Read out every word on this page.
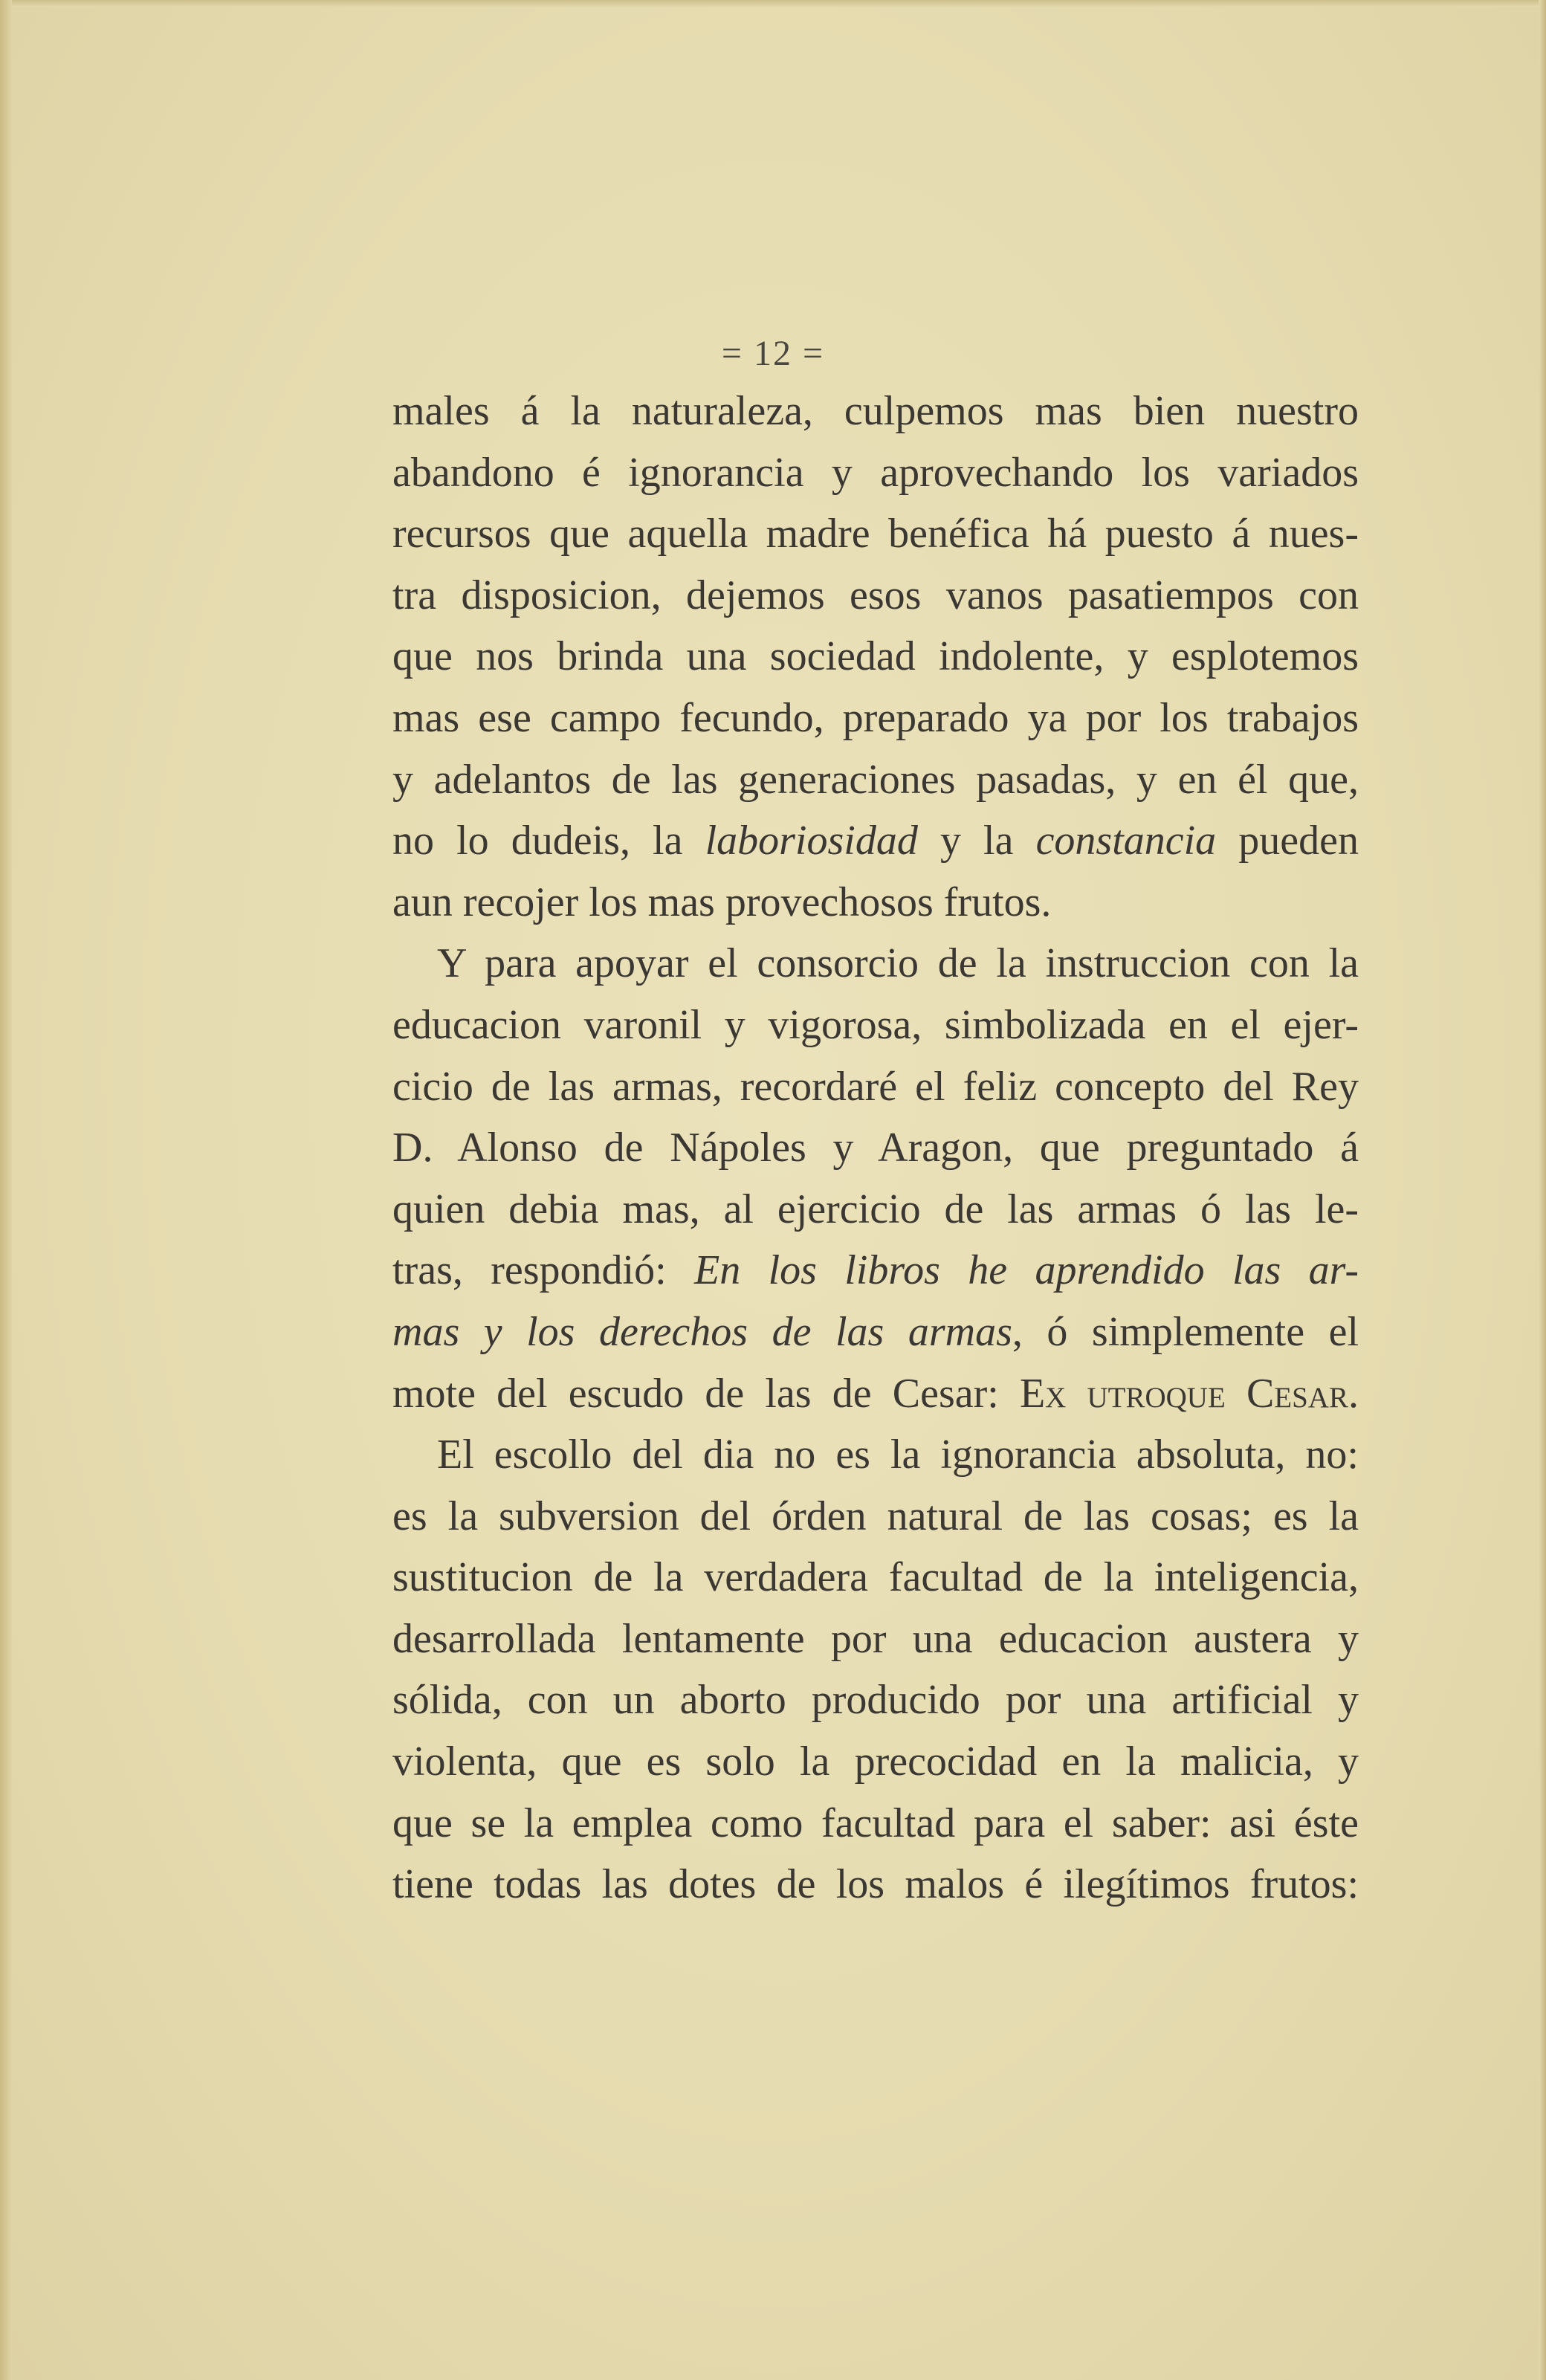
= 12 =
males á la naturaleza, culpemos mas bien nuestro
abandono é ignorancia y aprovechando los variados
recursos que aquella madre benéfica há puesto á nues-
tra disposicion, dejemos esos vanos pasatiempos con
que nos brinda una sociedad indolente, y esplotemos
mas ese campo fecundo, preparado ya por los trabajos
y adelantos de las generaciones pasadas, y en él que,
no lo dudeis, la laboriosidad y la constancia pueden
aun recojer los mas provechosos frutos.
Y para apoyar el consorcio de la instruccion con la
educacion varonil y vigorosa, simbolizada en el ejer-
cicio de las armas, recordaré el feliz concepto del Rey
D. Alonso de Nápoles y Aragon, que preguntado á
quien debia mas, al ejercicio de las armas ó las le-
tras, respondió: En los libros he aprendido las ar-
mas y los derechos de las armas, ó simplemente el
mote del escudo de las de Cesar: Ex utroque Cesar.
El escollo del dia no es la ignorancia absoluta, no:
es la subversion del órden natural de las cosas; es la
sustitucion de la verdadera facultad de la inteligencia,
desarrollada lentamente por una educacion austera y
sólida, con un aborto producido por una artificial y
violenta, que es solo la precocidad en la malicia, y
que se la emplea como facultad para el saber: asi éste
tiene todas las dotes de los malos é ilegítimos frutos:
